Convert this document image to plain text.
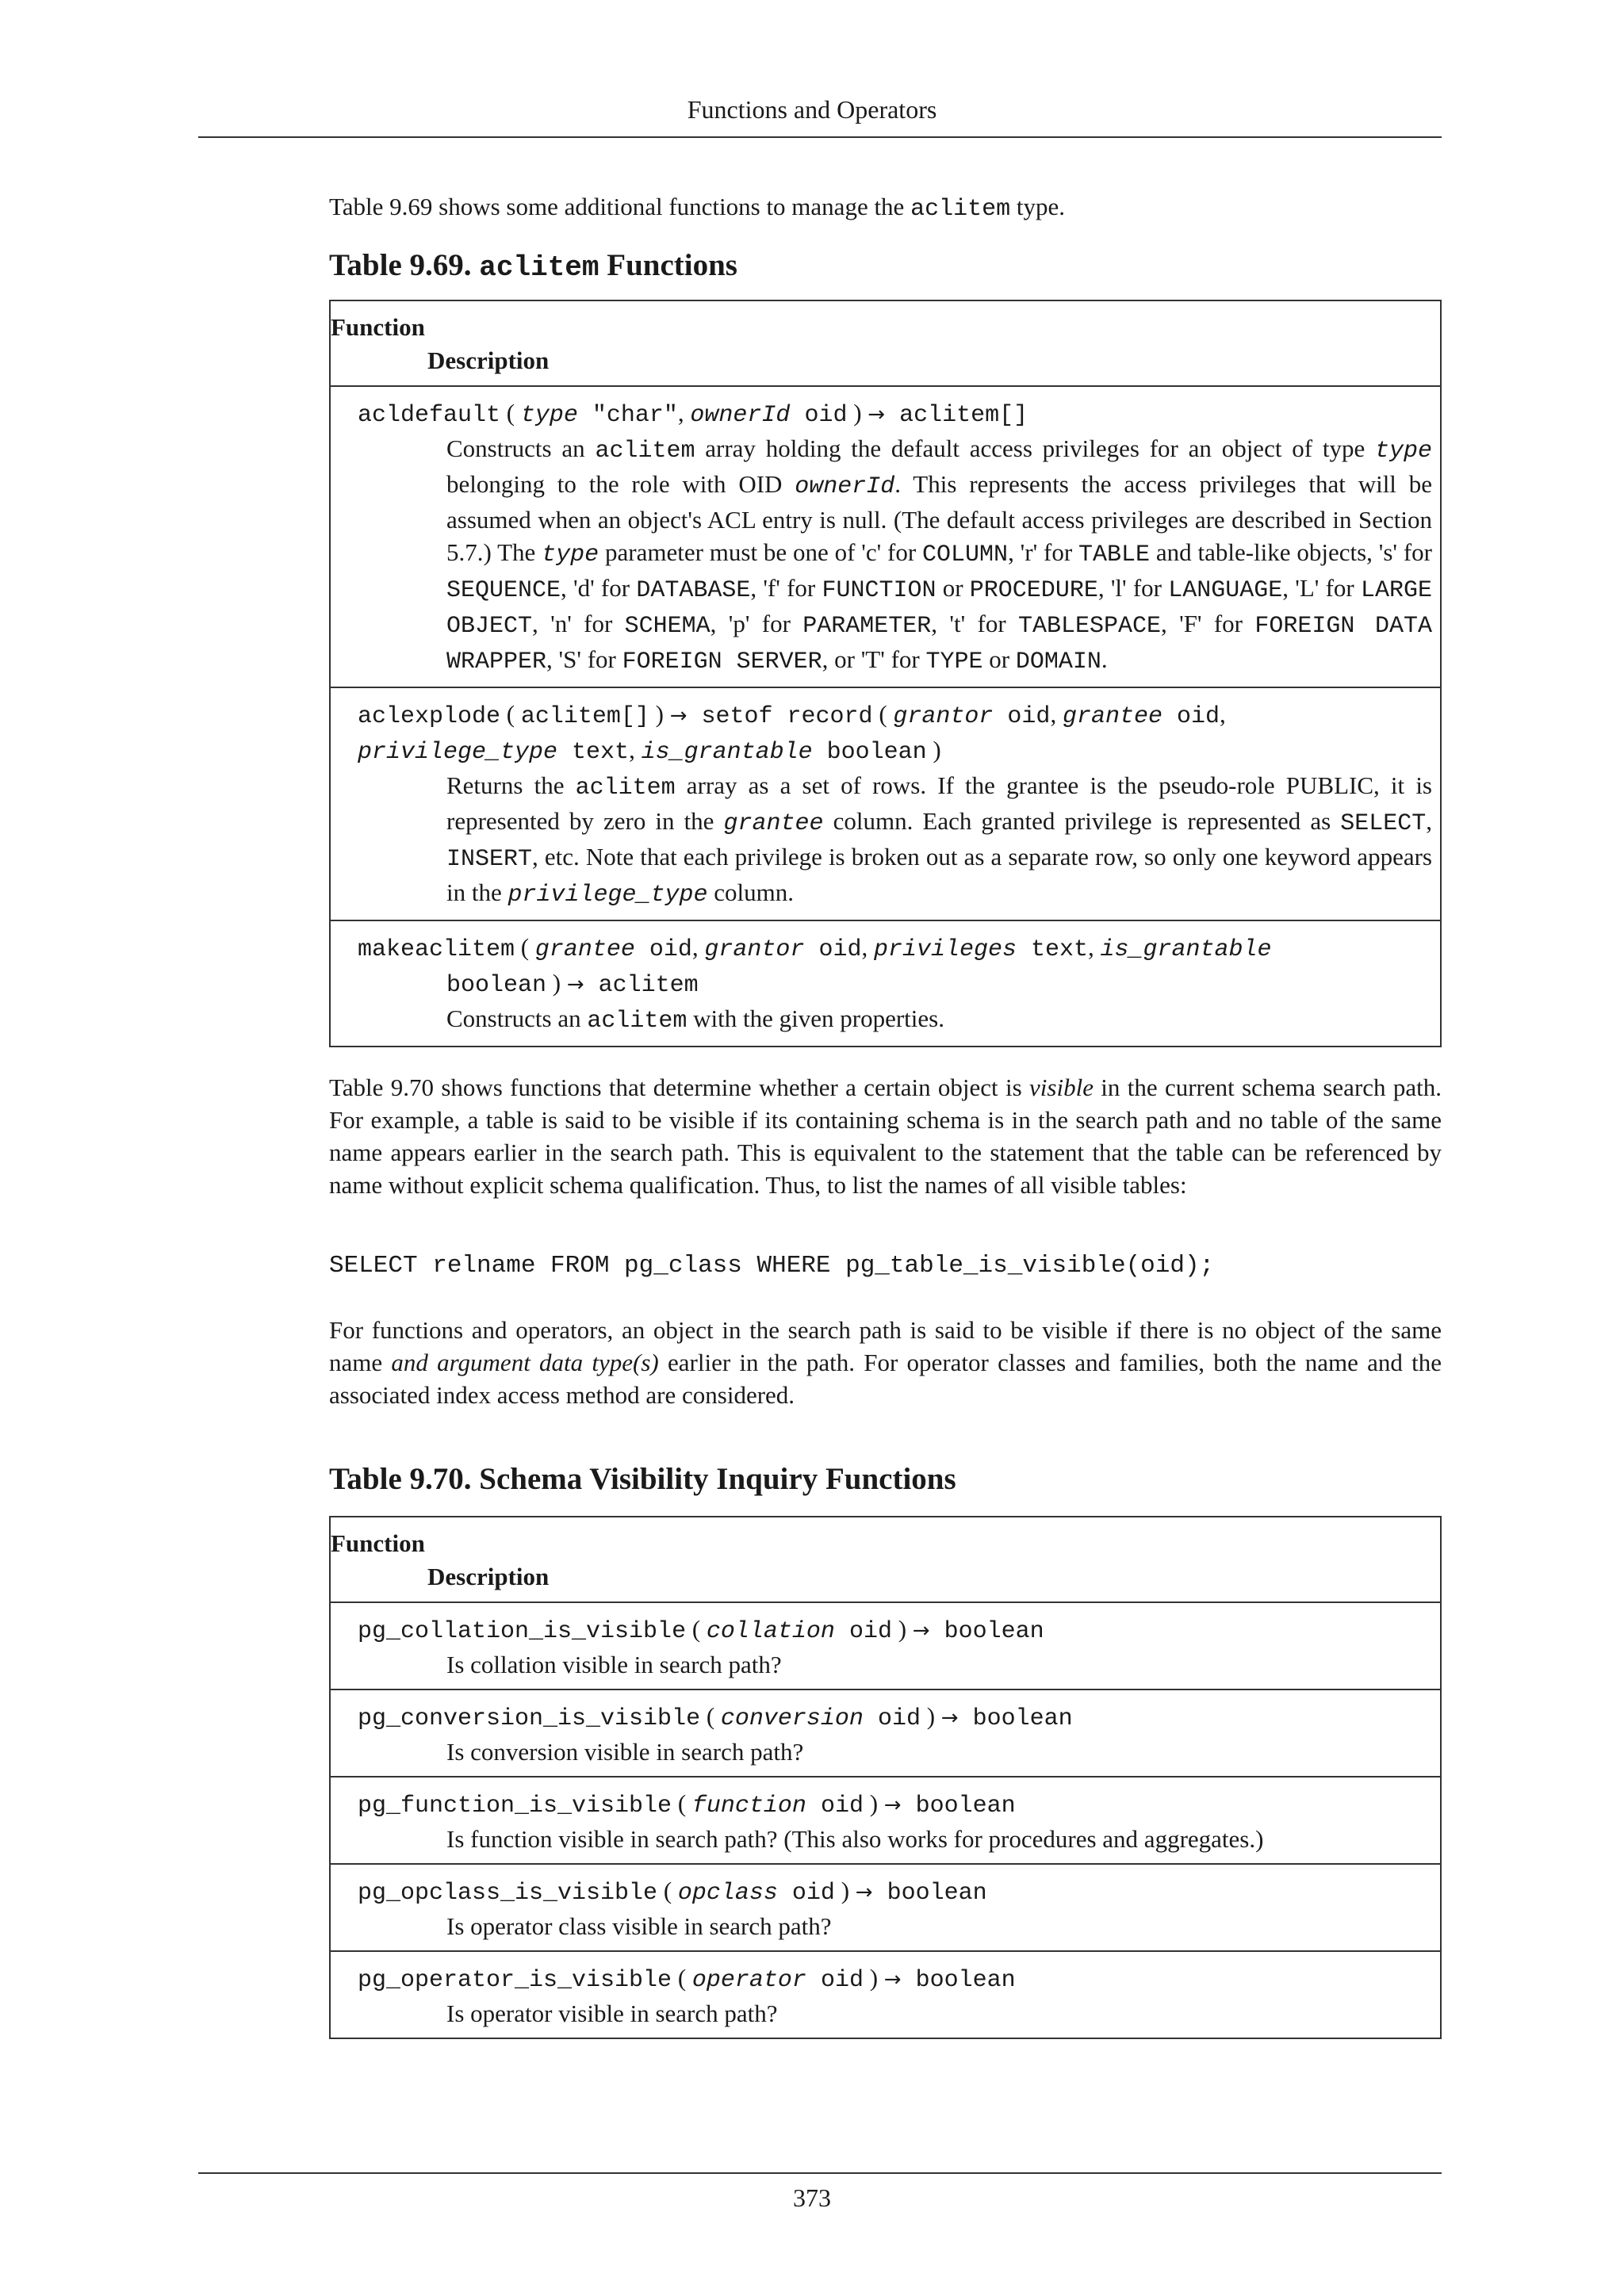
Functions and Operators

Table 9.69 shows some additional functions to manage the aclitem type.

Table 9.69. aclitem Functions
Function
Description

acldefault ( type "char", ownerId oid ) → aclitem[]
Constructs an aclitem array holding the default access privileges for an object of type type belonging to the role with OID ownerId. This represents the access privileges that will be assumed when an object's ACL entry is null. (The default access privileges are described in Section 5.7.) The type parameter must be one of 'c' for COLUMN, 'r' for TABLE and table-like objects, 's' for SEQUENCE, 'd' for DATABASE, 'f' for FUNCTION or PROCEDURE, 'l' for LANGUAGE, 'L' for LARGE OBJECT, 'n' for SCHEMA, 'p' for PARAMETER, 't' for TABLESPACE, 'F' for FOREIGN DATA WRAPPER, 'S' for FOREIGN SERVER, or 'T' for TYPE or DOMAIN.

aclexplode ( aclitem[] ) → setof record ( grantor oid, grantee oid, privilege_type text, is_grantable boolean )
Returns the aclitem array as a set of rows. If the grantee is the pseudo-role PUBLIC, it is represented by zero in the grantee column. Each granted privilege is represented as SELECT, INSERT, etc. Note that each privilege is broken out as a separate row, so only one keyword appears in the privilege_type column.

makeaclitem ( grantee oid, grantor oid, privileges text, is_grantable
boolean ) → aclitem
Constructs an aclitem with the given properties.

Table 9.70 shows functions that determine whether a certain object is visible in the current schema search path. For example, a table is said to be visible if its containing schema is in the search path and no table of the same name appears earlier in the search path. This is equivalent to the statement that the table can be referenced by name without explicit schema qualification. Thus, to list the names of all visible tables:

SELECT relname FROM pg_class WHERE pg_table_is_visible(oid);

For functions and operators, an object in the search path is said to be visible if there is no object of the same name and argument data type(s) earlier in the path. For operator classes and families, both the name and the associated index access method are considered.

Table 9.70. Schema Visibility Inquiry Functions
Function
Description

pg_collation_is_visible ( collation oid ) → boolean
Is collation visible in search path?

pg_conversion_is_visible ( conversion oid ) → boolean
Is conversion visible in search path?

pg_function_is_visible ( function oid ) → boolean
Is function visible in search path? (This also works for procedures and aggregates.)

pg_opclass_is_visible ( opclass oid ) → boolean
Is operator class visible in search path?

pg_operator_is_visible ( operator oid ) → boolean
Is operator visible in search path?
373
